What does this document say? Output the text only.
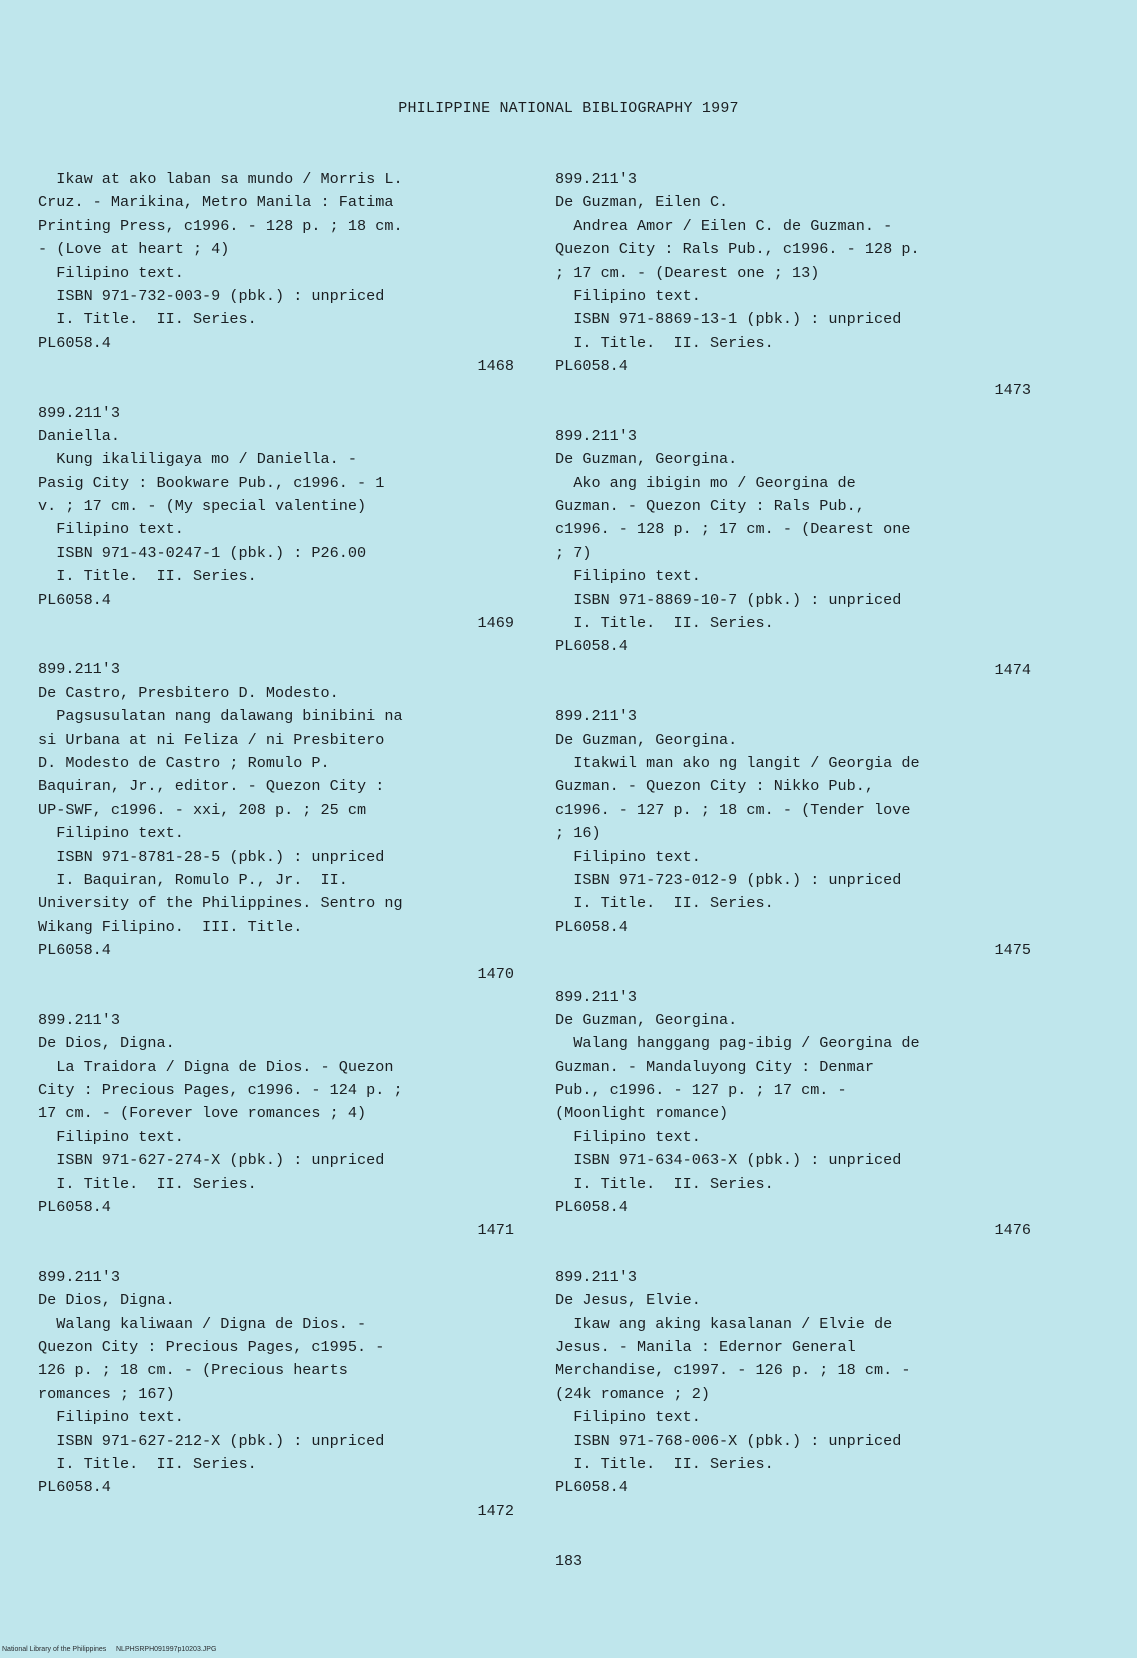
PHILIPPINE NATIONAL BIBLIOGRAPHY 1997
Ikaw at ako laban sa mundo / Morris L.
Cruz. - Marikina, Metro Manila : Fatima
Printing Press, c1996. - 128 p. ; 18 cm.
- (Love at heart ; 4)
Filipino text.
ISBN 971-732-003-9 (pbk.) : unpriced
I. Title.  II. Series.
PL6058.4
1468
899.211'3
Daniella.
Kung ikaliligaya mo / Daniella. -
Pasig City : Bookware Pub., c1996. - 1
v. ; 17 cm. - (My special valentine)
Filipino text.
ISBN 971-43-0247-1 (pbk.) : P26.00
I. Title.  II. Series.
PL6058.4
1469
899.211'3
De Castro, Presbitero D. Modesto.
Pagsusulatan nang dalawang binibini na
si Urbana at ni Feliza / ni Presbitero
D. Modesto de Castro ; Romulo P.
Baquiran, Jr., editor. - Quezon City :
UP-SWF, c1996. - xxi, 208 p. ; 25 cm
Filipino text.
ISBN 971-8781-28-5 (pbk.) : unpriced
I. Baquiran, Romulo P., Jr.  II.
University of the Philippines. Sentro ng
Wikang Filipino.  III. Title.
PL6058.4
1470
899.211'3
De Dios, Digna.
La Traidora / Digna de Dios. - Quezon
City : Precious Pages, c1996. - 124 p. ;
17 cm. - (Forever love romances ; 4)
Filipino text.
ISBN 971-627-274-X (pbk.) : unpriced
I. Title.  II. Series.
PL6058.4
1471
899.211'3
De Dios, Digna.
Walang kaliwaan / Digna de Dios. -
Quezon City : Precious Pages, c1995. -
126 p. ; 18 cm. - (Precious hearts
romances ; 167)
Filipino text.
ISBN 971-627-212-X (pbk.) : unpriced
I. Title.  II. Series.
PL6058.4
1472
899.211'3
De Guzman, Eilen C.
Andrea Amor / Eilen C. de Guzman. -
Quezon City : Rals Pub., c1996. - 128 p.
; 17 cm. - (Dearest one ; 13)
Filipino text.
ISBN 971-8869-13-1 (pbk.) : unpriced
I. Title.  II. Series.
PL6058.4
1473
899.211'3
De Guzman, Georgina.
Ako ang ibigin mo / Georgina de
Guzman. - Quezon City : Rals Pub.,
c1996. - 128 p. ; 17 cm. - (Dearest one
; 7)
Filipino text.
ISBN 971-8869-10-7 (pbk.) : unpriced
I. Title.  II. Series.
PL6058.4
1474
899.211'3
De Guzman, Georgina.
Itakwil man ako ng langit / Georgia de
Guzman. - Quezon City : Nikko Pub.,
c1996. - 127 p. ; 18 cm. - (Tender love
; 16)
Filipino text.
ISBN 971-723-012-9 (pbk.) : unpriced
I. Title.  II. Series.
PL6058.4
1475
899.211'3
De Guzman, Georgina.
Walang hanggang pag-ibig / Georgina de
Guzman. - Mandaluyong City : Denmar
Pub., c1996. - 127 p. ; 17 cm. -
(Moonlight romance)
Filipino text.
ISBN 971-634-063-X (pbk.) : unpriced
I. Title.  II. Series.
PL6058.4
1476
899.211'3
De Jesus, Elvie.
Ikaw ang aking kasalanan / Elvie de
Jesus. - Manila : Edernor General
Merchandise, c1997. - 126 p. ; 18 cm. -
(24k romance ; 2)
Filipino text.
ISBN 971-768-006-X (pbk.) : unpriced
I. Title.  II. Series.
PL6058.4
183
National Library of the Philippines     NLPHSRPH091997p10203.JPG
